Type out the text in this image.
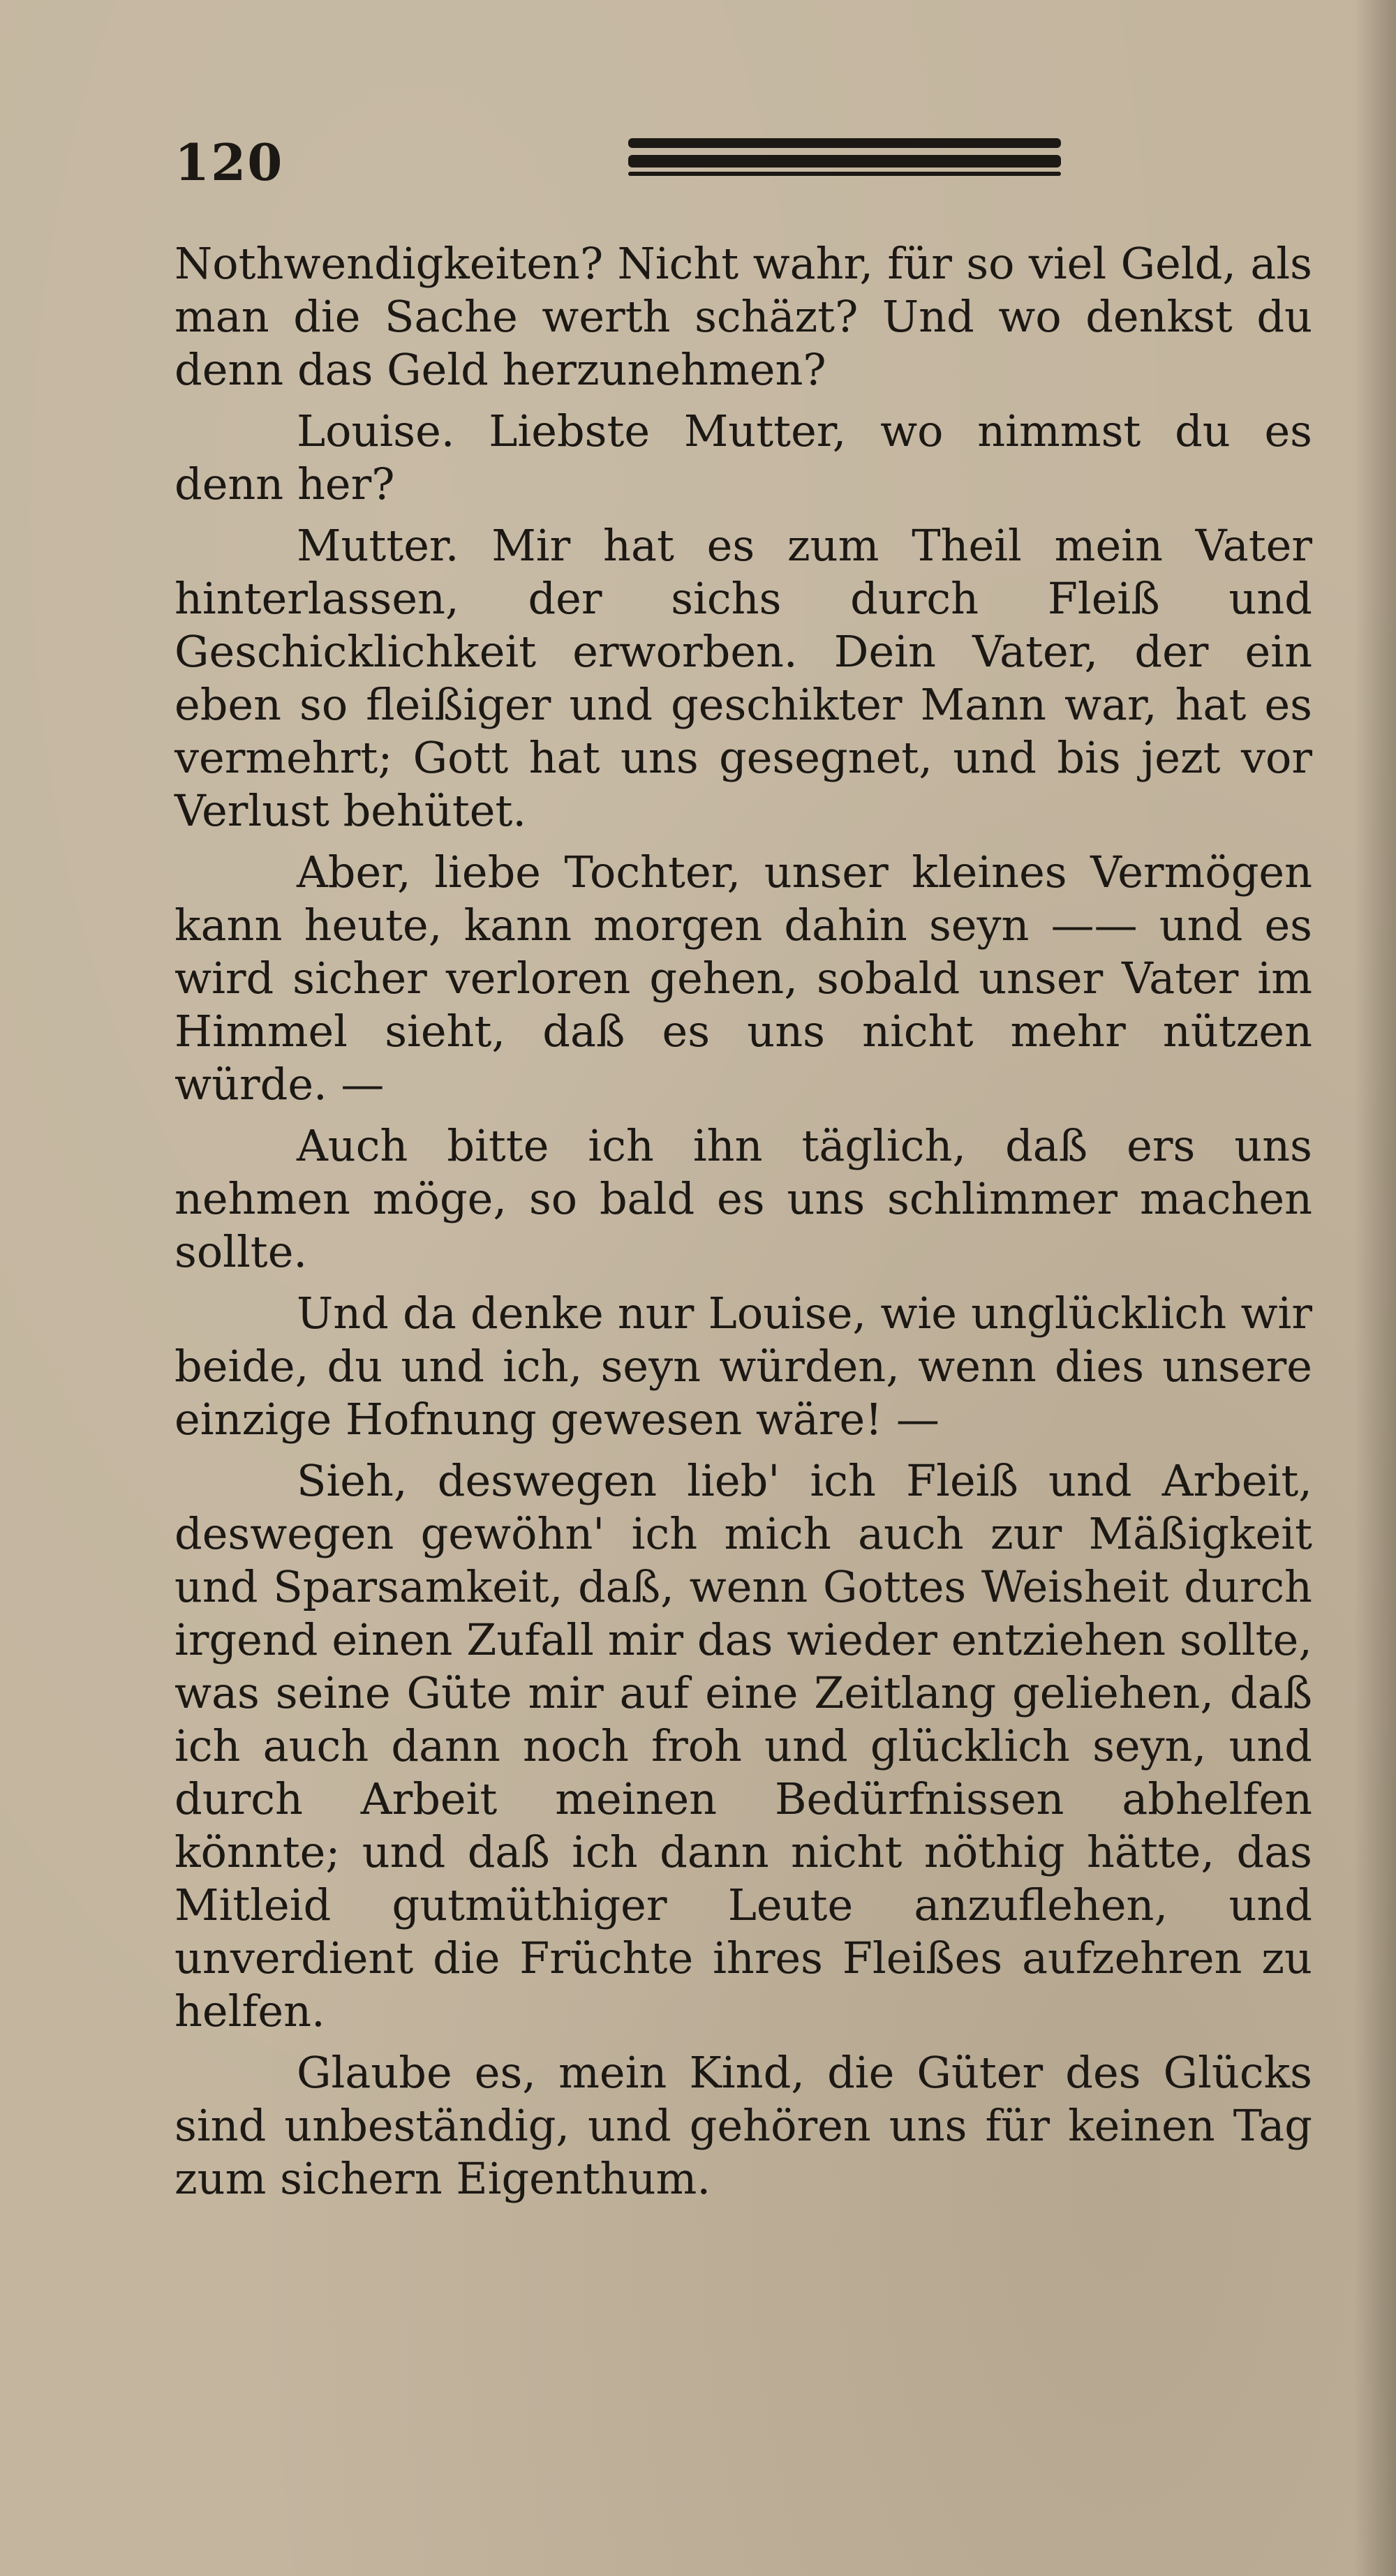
120

Nothwendigkeiten? Nicht wahr, für so viel Geld, als man die Sache werth schäzt? Und wo denkst du denn das Geld herzunehmen?

Louise. Liebste Mutter, wo nimmst du es denn her?

Mutter. Mir hat es zum Theil mein Vater hinterlassen, der sichs durch Fleiß und Geschicklichkeit erworben. Dein Vater, der ein eben so fleißiger und geschikter Mann war, hat es vermehrt; Gott hat uns gesegnet, und bis jezt vor Verlust behütet.

Aber, liebe Tochter, unser kleines Vermögen kann heute, kann morgen dahin seyn —— und es wird sicher verloren gehen, sobald unser Vater im Himmel sieht, daß es uns nicht mehr nützen würde. —

Auch bitte ich ihn täglich, daß ers uns nehmen möge, so bald es uns schlimmer machen sollte.

Und da denke nur Louise, wie unglücklich wir beide, du und ich, seyn würden, wenn dies unsere einzige Hofnung gewesen wäre! —

Sieh, deswegen lieb' ich Fleiß und Arbeit, deswegen gewöhn' ich mich auch zur Mäßigkeit und Sparsamkeit, daß, wenn Gottes Weisheit durch irgend einen Zufall mir das wieder entziehen sollte, was seine Güte mir auf eine Zeitlang geliehen, daß ich auch dann noch froh und glücklich seyn, und durch Arbeit meinen Bedürfnissen abhelfen könnte; und daß ich dann nicht nöthig hätte, das Mitleid gutmüthiger Leute anzuflehen, und unverdient die Früchte ihres Fleißes aufzehren zu helfen.

Glaube es, mein Kind, die Güter des Glücks sind unbeständig, und gehören uns für keinen Tag zum sichern Eigenthum.
